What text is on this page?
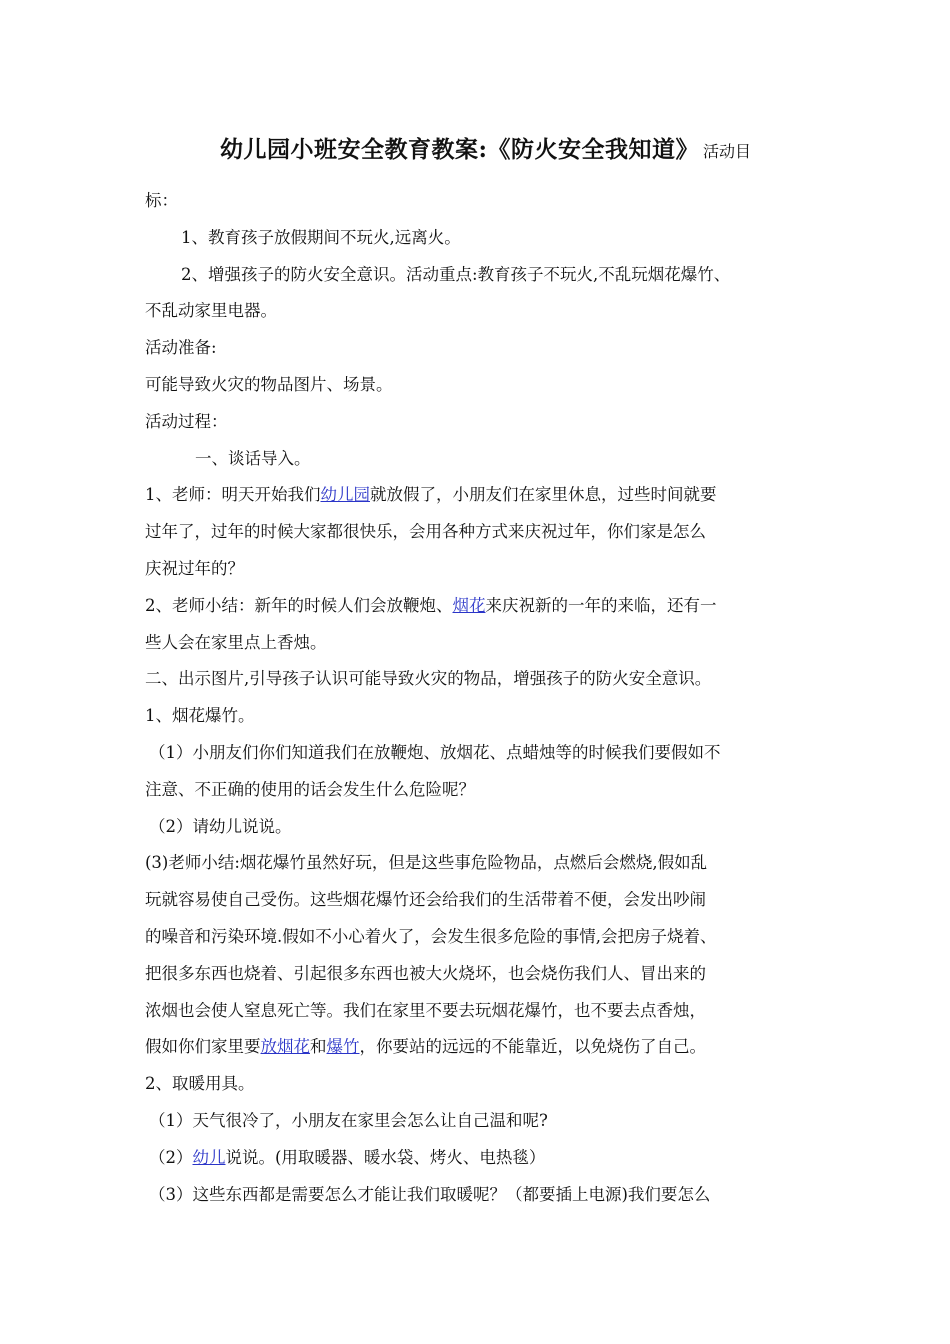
幼儿园小班安全教育教案:《防火安全我知道》 活动目

标：

1、教育孩子放假期间不玩火,远离火。

2、增强孩子的防火安全意识。活动重点:教育孩子不玩火,不乱玩烟花爆竹、

不乱动家里电器。

活动准备:

可能导致火灾的物品图片、场景。

活动过程：

一、谈话导入。

1、老师：明天开始我们幼儿园就放假了，小朋友们在家里休息，过些时间就要

过年了，过年的时候大家都很快乐，会用各种方式来庆祝过年，你们家是怎么

庆祝过年的？

2、老师小结：新年的时候人们会放鞭炮、烟花来庆祝新的一年的来临，还有一

些人会在家里点上香烛。

二、出示图片,引导孩子认识可能导致火灾的物品，增强孩子的防火安全意识。

1、烟花爆竹。

（1）小朋友们你们知道我们在放鞭炮、放烟花、点蜡烛等的时候我们要假如不

注意、不正确的使用的话会发生什么危险呢？

（2）请幼儿说说。

(3)老师小结:烟花爆竹虽然好玩，但是这些事危险物品，点燃后会燃烧,假如乱

玩就容易使自己受伤。这些烟花爆竹还会给我们的生活带着不便，会发出吵闹

的噪音和污染环境.假如不小心着火了，会发生很多危险的事情,会把房子烧着、

把很多东西也烧着、引起很多东西也被大火烧坏，也会烧伤我们人、冒出来的

浓烟也会使人窒息死亡等。我们在家里不要去玩烟花爆竹，也不要去点香烛，

假如你们家里要放烟花和爆竹，你要站的远远的不能靠近，以免烧伤了自己。

2、取暖用具。

（1）天气很冷了，小朋友在家里会怎么让自己温和呢?

（2）幼儿说说。(用取暖器、暖水袋、烤火、电热毯）

（3）这些东西都是需要怎么才能让我们取暖呢？（都要插上电源)我们要怎么
